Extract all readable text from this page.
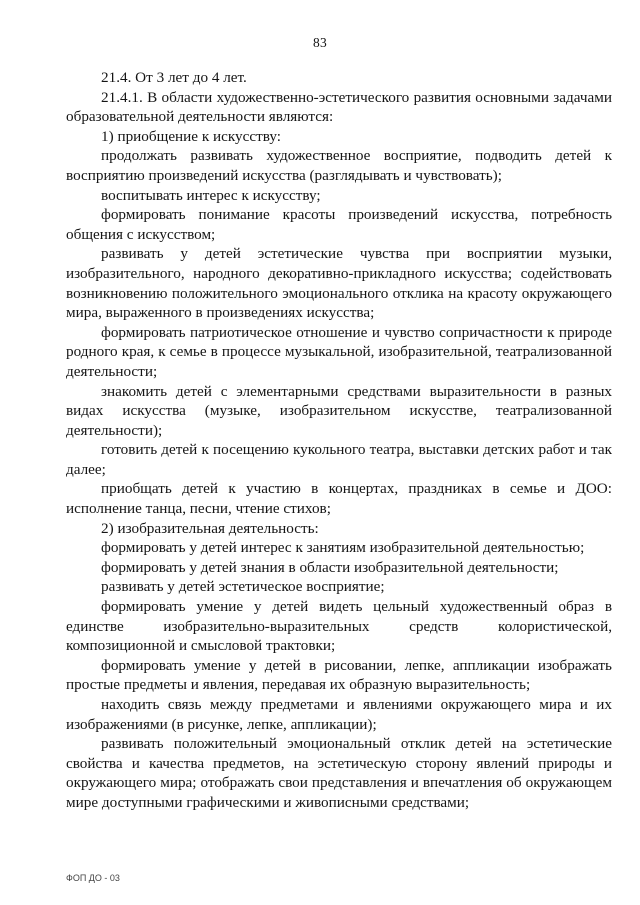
83

21.4. От 3 лет до 4 лет.

21.4.1. В области художественно-эстетического развития основными задачами образовательной деятельности являются:

1) приобщение к искусству:

продолжать развивать художественное восприятие, подводить детей к восприятию произведений искусства (разглядывать и чувствовать);

воспитывать интерес к искусству;

формировать понимание красоты произведений искусства, потребность общения с искусством;

развивать у детей эстетические чувства при восприятии музыки, изобразительного, народного декоративно-прикладного искусства; содействовать возникновению положительного эмоционального отклика на красоту окружающего мира, выраженного в произведениях искусства;

формировать патриотическое отношение и чувство сопричастности к природе родного края, к семье в процессе музыкальной, изобразительной, театрализованной деятельности;

знакомить детей с элементарными средствами выразительности в разных видах искусства (музыке, изобразительном искусстве, театрализованной деятельности);

готовить детей к посещению кукольного театра, выставки детских работ и так далее;

приобщать детей к участию в концертах, праздниках в семье и ДОО: исполнение танца, песни, чтение стихов;

2) изобразительная деятельность:

формировать у детей интерес к занятиям изобразительной деятельностью;

формировать у детей знания в области изобразительной деятельности;

развивать у детей эстетическое восприятие;

формировать умение у детей видеть цельный художественный образ в единстве изобразительно-выразительных средств колористической, композиционной и смысловой трактовки;

формировать умение у детей в рисовании, лепке, аппликации изображать простые предметы и явления, передавая их образную выразительность;

находить связь между предметами и явлениями окружающего мира и их изображениями (в рисунке, лепке, аппликации);

развивать положительный эмоциональный отклик детей на эстетические свойства и качества предметов, на эстетическую сторону явлений природы и окружающего мира; отображать свои представления и впечатления об окружающем мире доступными графическими и живописными средствами;

ФОП ДО - 03
